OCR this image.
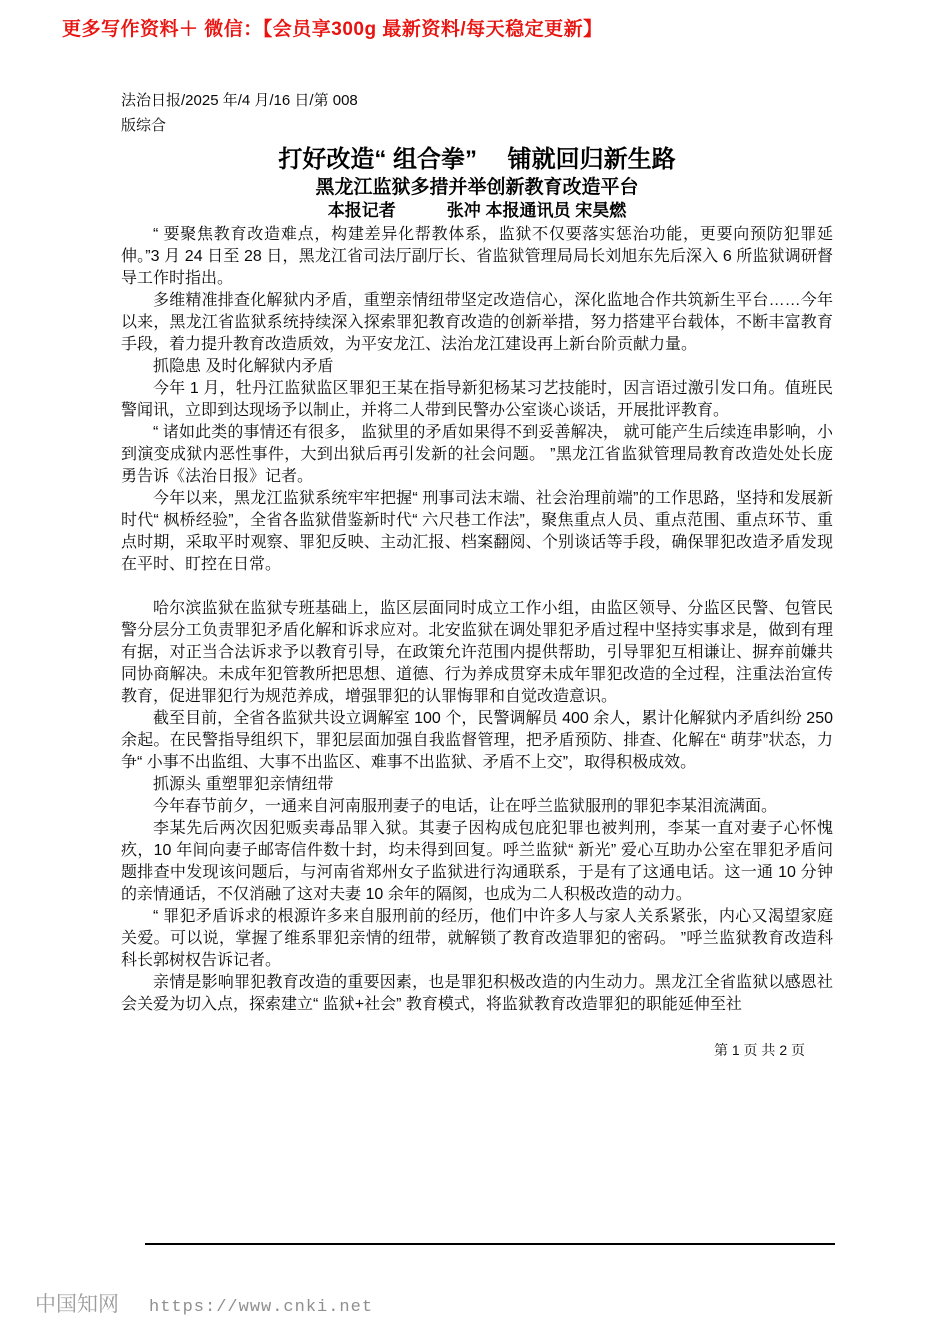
更多写作资料＋ 微信：【会员享300g 最新资料/每天稳定更新】
法治日报/2025 年/4 月/16 日/第 008
版综合
打好改造“ 组合拳”　 铺就回归新生路
黑龙江监狱多措并举创新教育改造平台
本报记者　　　张冲 本报通讯员 宋昊燃

“ 要聚焦教育改造难点，构建差异化帮教体系，监狱不仅要落实惩治功能，更要向预防犯罪延伸。”3 月 24 日至 28 日，黑龙江省司法厅副厅长、省监狱管理局局长刘旭东先后深入 6 所监狱调研督导工作时指出。

多维精准排查化解狱内矛盾，重塑亲情纽带坚定改造信心，深化监地合作共筑新生平台……今年以来，黑龙江省监狱系统持续深入探索罪犯教育改造的创新举措，努力搭建平台载体，不断丰富教育手段，着力提升教育改造质效，为平安龙江、法治龙江建设再上新台阶贡献力量。

抓隐患 及时化解狱内矛盾

今年 1 月，牡丹江监狱监区罪犯王某在指导新犯杨某习艺技能时，因言语过激引发口角。值班民警闻讯，立即到达现场予以制止，并将二人带到民警办公室谈心谈话，开展批评教育。

“ 诸如此类的事情还有很多， 监狱里的矛盾如果得不到妥善解决， 就可能产生后续连串影响，小到演变成狱内恶性事件，大到出狱后再引发新的社会问题。 ”黑龙江省监狱管理局教育改造处处长庞勇告诉《法治日报》记者。

今年以来，黑龙江监狱系统牢牢把握“ 刑事司法末端、社会治理前端”的工作思路，坚持和发展新时代“ 枫桥经验”，全省各监狱借鉴新时代“ 六尺巷工作法”，聚焦重点人员、重点范围、重点环节、重点时期，采取平时观察、罪犯反映、主动汇报、档案翻阅、个别谈话等手段，确保罪犯改造矛盾发现在平时、盯控在日常。

哈尔滨监狱在监狱专班基础上，监区层面同时成立工作小组，由监区领导、分监区民警、包管民警分层分工负责罪犯矛盾化解和诉求应对。北安监狱在调处罪犯矛盾过程中坚持实事求是，做到有理有据，对正当合法诉求予以教育引导，在政策允许范围内提供帮助，引导罪犯互相谦让、摒弃前嫌共同协商解决。未成年犯管教所把思想、道德、行为养成贯穿未成年罪犯改造的全过程，注重法治宣传教育，促进罪犯行为规范养成，增强罪犯的认罪悔罪和自觉改造意识。

截至目前，全省各监狱共设立调解室 100 个，民警调解员 400 余人，累计化解狱内矛盾纠纷 250 余起。在民警指导组织下，罪犯层面加强自我监督管理，把矛盾预防、排查、化解在“ 萌芽”状态，力争“ 小事不出监组、大事不出监区、难事不出监狱、矛盾不上交”，取得积极成效。

抓源头 重塑罪犯亲情纽带

今年春节前夕，一通来自河南服刑妻子的电话，让在呼兰监狱服刑的罪犯李某泪流满面。

李某先后两次因犯贩卖毒品罪入狱。其妻子因构成包庇犯罪也被判刑，李某一直对妻子心怀愧疚，10 年间向妻子邮寄信件数十封，均未得到回复。呼兰监狱“ 新光” 爱心互助办公室在罪犯矛盾问题排查中发现该问题后，与河南省郑州女子监狱进行沟通联系，于是有了这通电话。这一通 10 分钟的亲情通话，不仅消融了这对夫妻 10 余年的隔阂，也成为二人积极改造的动力。

“ 罪犯矛盾诉求的根源许多来自服刑前的经历，他们中许多人与家人关系紧张，内心又渴望家庭关爱。可以说，掌握了维系罪犯亲情的纽带，就解锁了教育改造罪犯的密码。 ”呼兰监狱教育改造科科长郭树权告诉记者。

亲情是影响罪犯教育改造的重要因素，也是罪犯积极改造的内生动力。黑龙江全省监狱以感恩社会关爱为切入点，探索建立“ 监狱+社会” 教育模式，将监狱教育改造罪犯的职能延伸至社

第 1 页 共 2 页
中国知网 https://www.cnki.net
